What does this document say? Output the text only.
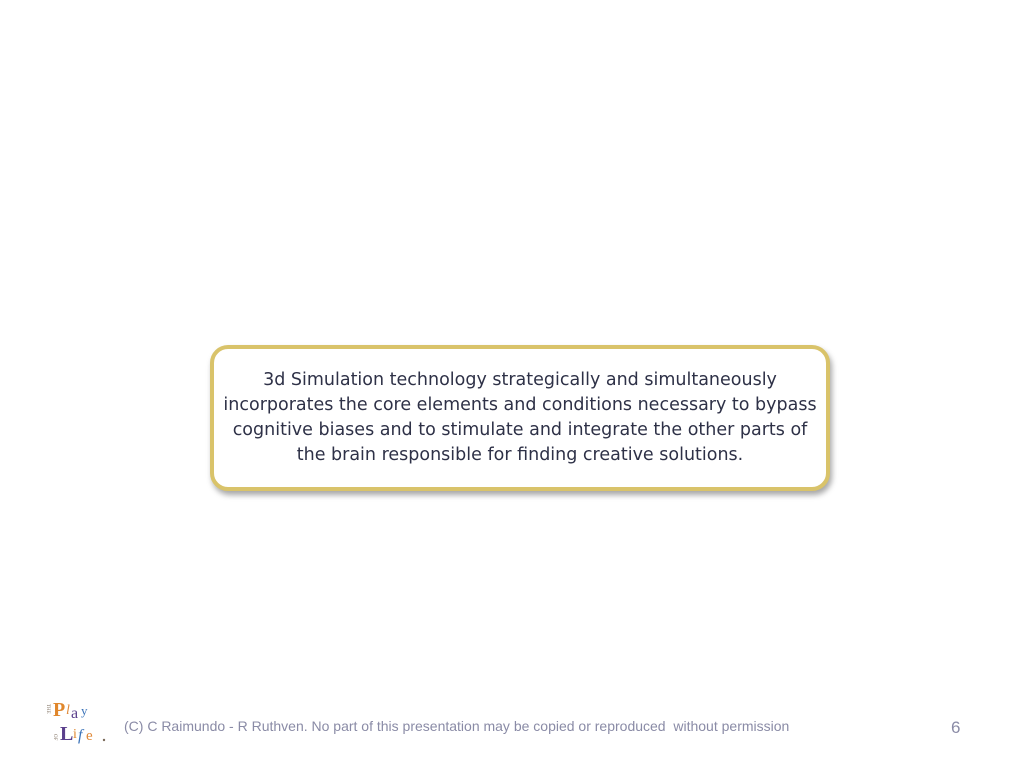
3d Simulation technology strategically and simultaneously incorporates the core elements and conditions necessary to bypass cognitive biases and to stimulate and integrate the other parts of the brain responsible for finding creative solutions.

THE P l a y
OF L i f e
(C) C Raimundo - R Ruthven. No part of this presentation may be copied or reproduced  without permission	6
